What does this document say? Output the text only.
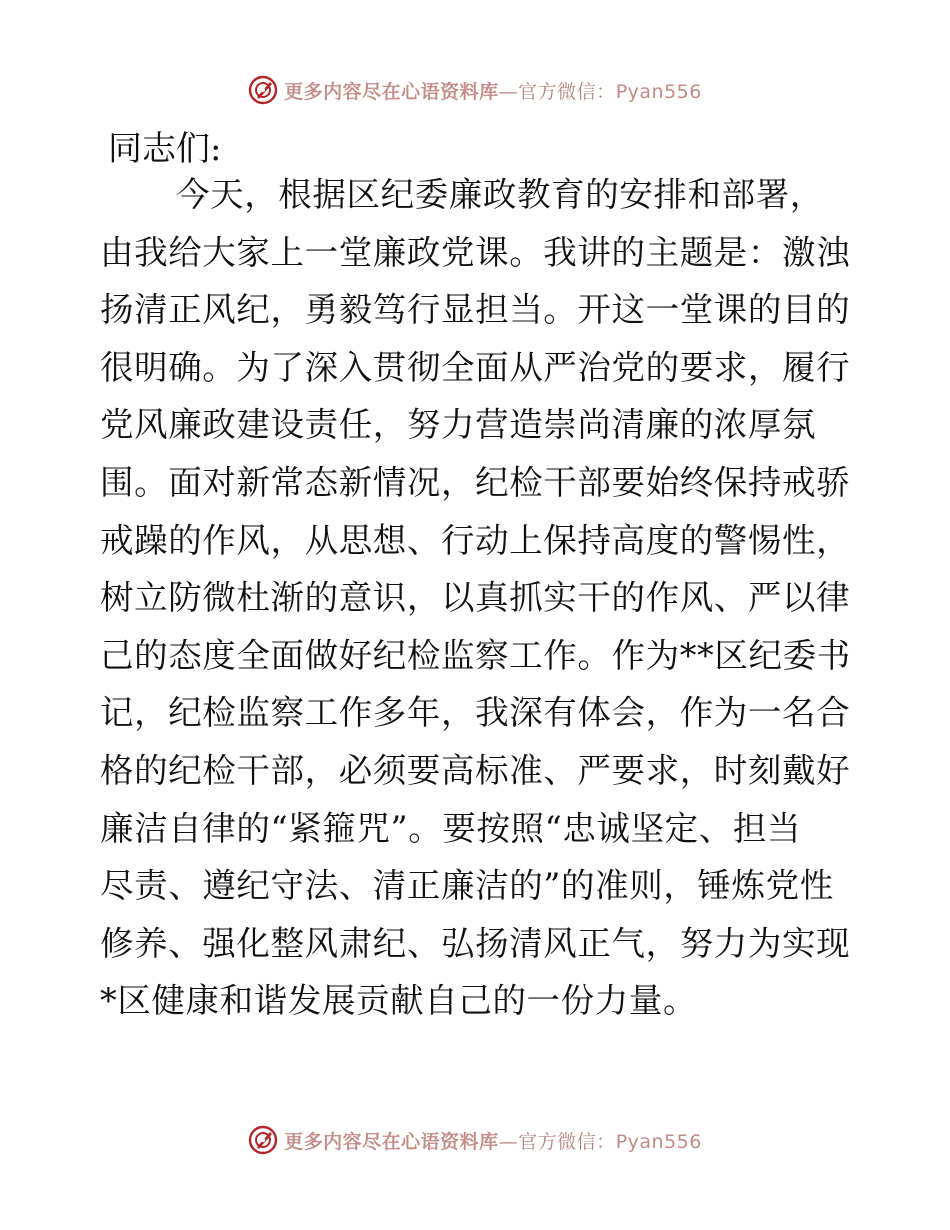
更多内容尽在心语资料库—官方微信：Pyan556
同志们:
今天，根据区纪委廉政教育的安排和部署，
由我给大家上一堂廉政党课。我讲的主题是：激浊
扬清正风纪，勇毅笃行显担当。开这一堂课的目的
很明确。为了深入贯彻全面从严治党的要求，履行
党风廉政建设责任，努力营造崇尚清廉的浓厚氛
围。面对新常态新情况，纪检干部要始终保持戒骄
戒躁的作风，从思想、行动上保持高度的警惕性，
树立防微杜渐的意识，以真抓实干的作风、严以律
己的态度全面做好纪检监察工作。作为**区纪委书
记，纪检监察工作多年，我深有体会，作为一名合
格的纪检干部，必须要高标准、严要求，时刻戴好
廉洁自律的“紧箍咒”。要按照“忠诚坚定、担当
尽责、遵纪守法、清正廉洁的”的准则，锤炼党性
修养、强化整风肃纪、弘扬清风正气，努力为实现
*区健康和谐发展贡献自己的一份力量。
更多内容尽在心语资料库—官方微信：Pyan556
